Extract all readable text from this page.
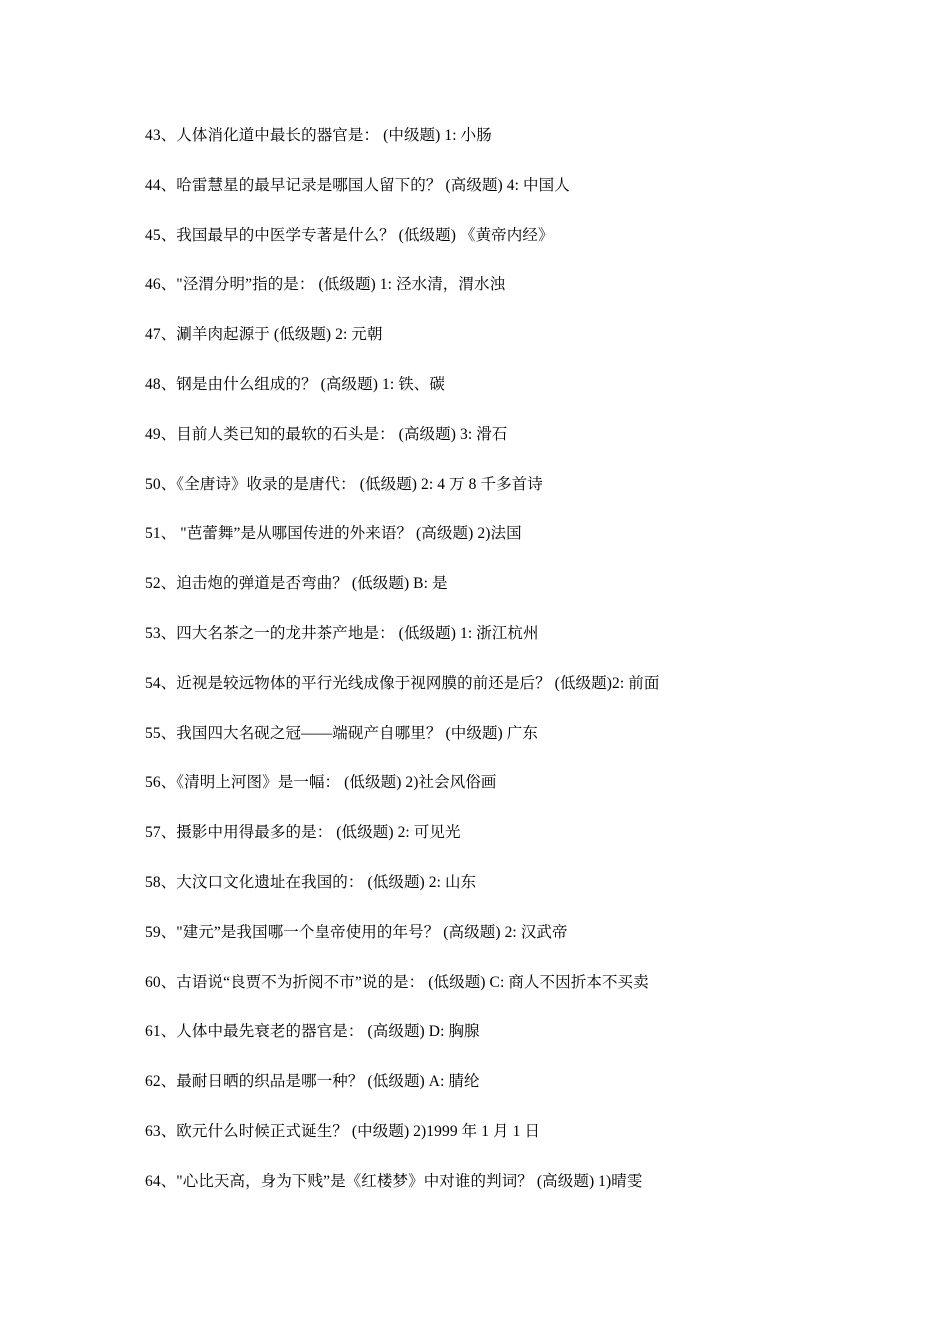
43、人体消化道中最长的器官是： (中级题) 1: 小肠
44、哈雷慧星的最早记录是哪国人留下的？ (高级题) 4: 中国人
45、我国最早的中医学专著是什么？ (低级题) 《黄帝内经》
46、"泾渭分明”指的是： (低级题) 1: 泾水清，渭水浊
47、涮羊肉起源于 (低级题) 2: 元朝
48、钢是由什么组成的？ (高级题) 1: 铁、碳
49、目前人类已知的最软的石头是： (高级题) 3: 滑石
50、《全唐诗》收录的是唐代： (低级题) 2: 4 万 8 千多首诗
51、 "芭蕾舞”是从哪国传进的外来语？ (高级题) 2)法国
52、迫击炮的弹道是否弯曲？ (低级题) B: 是
53、四大名茶之一的龙井茶产地是： (低级题) 1: 浙江杭州
54、近视是较远物体的平行光线成像于视网膜的前还是后？ (低级题)2: 前面
55、我国四大名砚之冠——端砚产自哪里？ (中级题) 广东
56、《清明上河图》是一幅： (低级题) 2)社会风俗画
57、摄影中用得最多的是： (低级题) 2: 可见光
58、大汶口文化遗址在我国的： (低级题) 2: 山东
59、"建元”是我国哪一个皇帝使用的年号？ (高级题) 2: 汉武帝
60、古语说“良贾不为折阅不市”说的是： (低级题) C: 商人不因折本不买卖
61、人体中最先衰老的器官是： (高级题) D: 胸腺
62、最耐日晒的织品是哪一种？ (低级题) A: 腈纶
63、欧元什么时候正式诞生？ (中级题) 2)1999 年 1 月 1 日
64、"心比天高，身为下贱”是《红楼梦》中对谁的判词？ (高级题) 1)晴雯
